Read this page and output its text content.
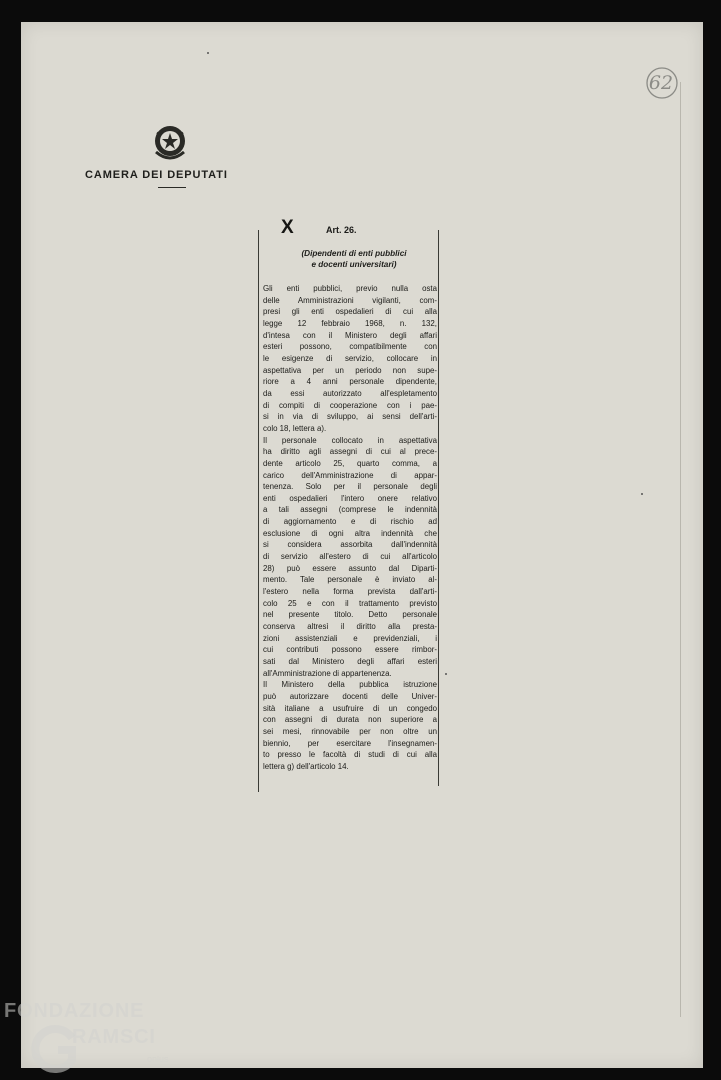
62
CAMERA DEI DEPUTATI
X	Art. 26.
(Dipendenti di enti pubblici
e docenti universitari)
Gli enti pubblici, previo nulla osta
delle Amministrazioni vigilanti, com-
presi gli enti ospedalieri di cui alla
legge 12 febbraio 1968, n. 132,
d'intesa con il Ministero degli affari
esteri possono, compatibilmente con
le esigenze di servizio, collocare in
aspettativa per un periodo non supe-
riore a 4 anni personale dipendente,
da essi autorizzato all'espletamento
di compiti di cooperazione con i pae-
si in via di sviluppo, ai sensi dell'arti-
colo 18, lettera a).
Il personale collocato in aspettativa
ha diritto agli assegni di cui al prece-
dente articolo 25, quarto comma, a
carico dell'Amministrazione di appar-
tenenza. Solo per il personale degli
enti ospedalieri l'intero onere relativo
a tali assegni (comprese le indennità
di aggiornamento e di rischio ad
esclusione di ogni altra indennità che
si considera assorbita dall'indennità
di servizio all'estero di cui all'articolo
28) può essere assunto dal Diparti-
mento. Tale personale è inviato al-
l'estero nella forma prevista dall'arti-
colo 25 e con il trattamento previsto
nel presente titolo. Detto personale
conserva altresì il diritto alla presta-
zioni assistenziali e previdenziali, i
cui contributi possono essere rimbor-
sati dal Ministero degli affari esteri
all'Amministrazione di appartenenza.
Il Ministero della pubblica istruzione
può autorizzare docenti delle Univer-
sità italiane a usufruire di un congedo
con assegni di durata non superiore a
sei mesi, rinnovabile per non oltre un
biennio, per esercitare l'insegnamen-
to presso le facoltà di studi di cui alla
lettera g) dell'articolo 14.
FONDAZIONE
RAMSCI
onlus
